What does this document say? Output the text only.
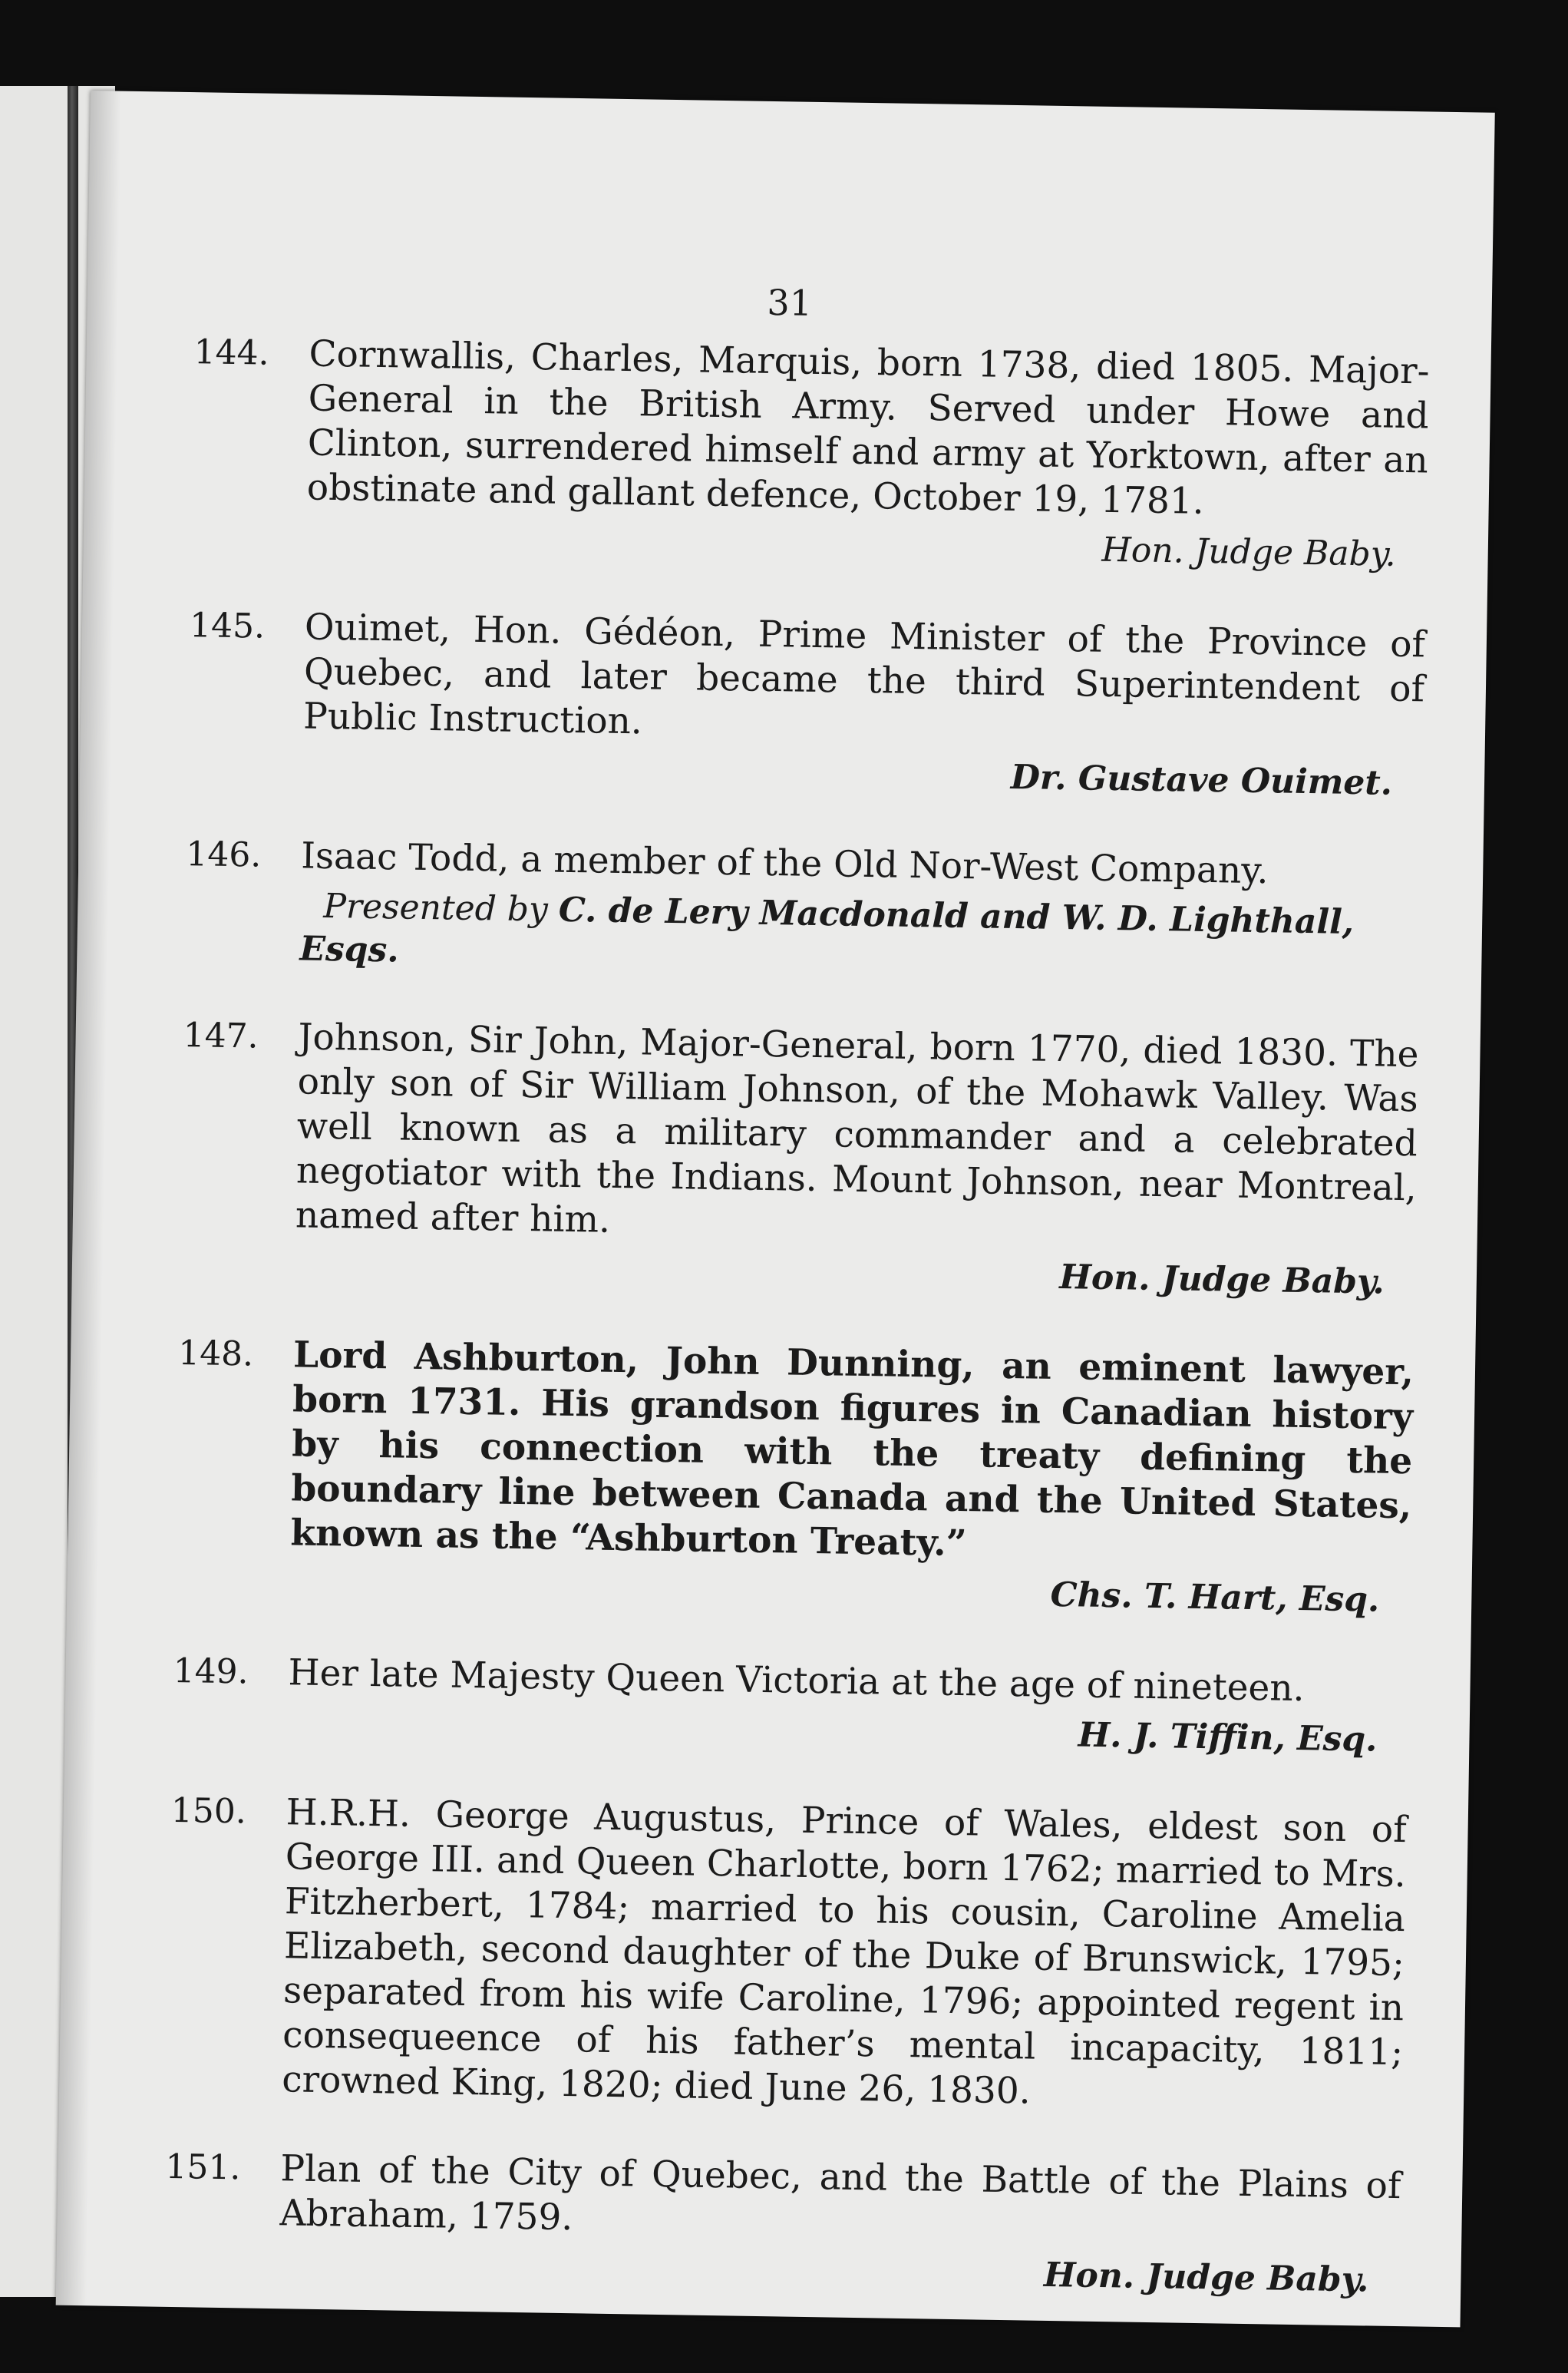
31
144. Cornwallis, Charles, Marquis, born 1738, died 1805. Major-General in the British Army. Served under Howe and Clinton, surrendered himself and army at Yorktown, after an obstinate and gallant defence, October 19, 1781.

Hon. Judge Baby.

145. Ouimet, Hon. Gédéon, Prime Minister of the Province of Quebec, and later became the third Superintendent of Public Instruction.

Dr. Gustave Ouimet.

146. Isaac Todd, a member of the Old Nor-West Company.

Presented by C. de Lery Macdonald and W. D. Lighthall, Esqs.

147. Johnson, Sir John, Major-General, born 1770, died 1830. The only son of Sir William Johnson, of the Mohawk Valley. Was well known as a military commander and a celebrated negotiator with the Indians. Mount Johnson, near Montreal, named after him.

Hon. Judge Baby.

148. Lord Ashburton, John Dunning, an eminent lawyer, born 1731. His grandson figures in Canadian history by his connection with the treaty defining the boundary line between Canada and the United States, known as the “Ashburton Treaty.”

Chs. T. Hart, Esq.

149. Her late Majesty Queen Victoria at the age of nineteen.

H. J. Tiffin, Esq.

150. H.R.H. George Augustus, Prince of Wales, eldest son of George III. and Queen Charlotte, born 1762; married to Mrs. Fitzherbert, 1784; married to his cousin, Caroline Amelia Elizabeth, second daughter of the Duke of Brunswick, 1795; separated from his wife Caroline, 1796; appointed regent in consequeence of his father’s mental incapacity, 1811; crowned King, 1820; died June 26, 1830.

151. Plan of the City of Quebec, and the Battle of the Plains of Abraham, 1759.

Hon. Judge Baby.
